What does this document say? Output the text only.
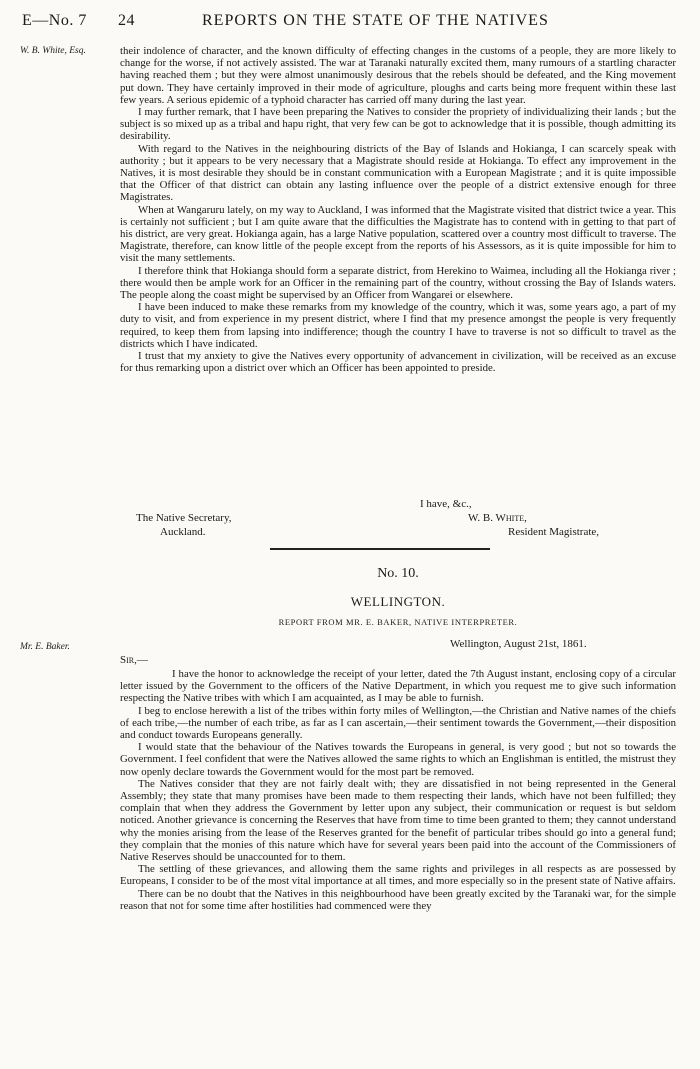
E—No. 7 24	REPORTS ON THE STATE OF THE NATIVES
W. B. White, Esq.	their indolence of character, and the known difficulty of effecting changes in the customs of a people, they are more likely to change for the worse, if not actively assisted. The war at Taranaki naturally excited them, many rumours of a startling character having reached them ; but they were almost unanimously desirous that the rebels should be defeated, and the King movement put down. They have certainly improved in their mode of agriculture, ploughs and carts being more frequent within these last few years. A serious epidemic of a typhoid character has carried off many during the last year.

I may further remark, that I have been preparing the Natives to consider the propriety of individualizing their lands ; but the subject is so mixed up as a tribal and hapu right, that very few can be got to acknowledge that it is possible, though admitting its desirability.

With regard to the Natives in the neighbouring districts of the Bay of Islands and Hokianga, I can scarcely speak with authority ; but it appears to be very necessary that a Magistrate should reside at Hokianga. To effect any improvement in the Natives, it is most desirable they should be in constant communication with a European Magistrate ; and it is quite impossible that the Officer of that district can obtain any lasting influence over the people of a district extensive enough for three Magistrates.

When at Wangaruru lately, on my way to Auckland, I was informed that the Magistrate visited that district twice a year. This is certainly not sufficient ; but I am quite aware that the difficulties the Magistrate has to contend with in getting to that part of his district, are very great. Hokianga again, has a large Native population, scattered over a country most difficult to traverse. The Magistrate, therefore, can know little of the people except from the reports of his Assessors, as it is quite impossible for him to visit the many settlements.

I therefore think that Hokianga should form a separate district, from Herekino to Waimea, including all the Hokianga river ; there would then be ample work for an Officer in the remaining part of the country, without crossing the Bay of Islands waters. The people along the coast might be supervised by an Officer from Wangarei or elsewhere.

I have been induced to make these remarks from my knowledge of the country, which it was, some years ago, a part of my duty to visit, and from experience in my present district, where I find that my presence amongst the people is very frequently required, to keep them from lapsing into indifference; though the country I have to traverse is not so difficult to travel as the districts which I have indicated.

I trust that my anxiety to give the Natives every opportunity of advancement in civilization, will be received as an excuse for thus remarking upon a district over which an Officer has been appointed to preside.

I have, &c.,
The Native Secretary,	W. B. White,
Auckland.	Resident Magistrate,
No. 10.
WELLINGTON.
REPORT FROM MR. E. BAKER, NATIVE INTERPRETER.
Mr. E. Baker.	Wellington, August 21st, 1861.
Sir,—

I have the honor to acknowledge the receipt of your letter, dated the 7th August instant, enclosing copy of a circular letter issued by the Government to the officers of the Native Department, in which you request me to give such information respecting the Native tribes with which I am acquainted, as I may be able to furnish.

I beg to enclose herewith a list of the tribes within forty miles of Wellington,—the Christian and Native names of the chiefs of each tribe,—the number of each tribe, as far as I can ascertain,—their sentiment towards the Government,—their disposition and conduct towards Europeans generally.

I would state that the behaviour of the Natives towards the Europeans in general, is very good ; but not so towards the Government. I feel confident that were the Natives allowed the same rights to which an Englishman is entitled, the mistrust they now openly declare towards the Government would for the most part be removed.

The Natives consider that they are not fairly dealt with; they are dissatisfied in not being represented in the General Assembly; they state that many promises have been made to them respecting their lands, which have not been fulfilled; they complain that when they address the Government by letter upon any subject, their communication or request is but seldom noticed. Another grievance is concerning the Reserves that have from time to time been granted to them; they cannot understand why the monies arising from the lease of the Reserves granted for the benefit of particular tribes should go into a general fund; they complain that the monies of this nature which have for several years been paid into the account of the Commissioners of Native Reserves should be unaccounted for to them.

The settling of these grievances, and allowing them the same rights and privileges in all respects as are possessed by Europeans, I consider to be of the most vital importance at all times, and more especially so in the present state of Native affairs.

There can be no doubt that the Natives in this neighbourhood have been greatly excited by the Taranaki war, for the simple reason that not for some time after hostilities had commenced were they
